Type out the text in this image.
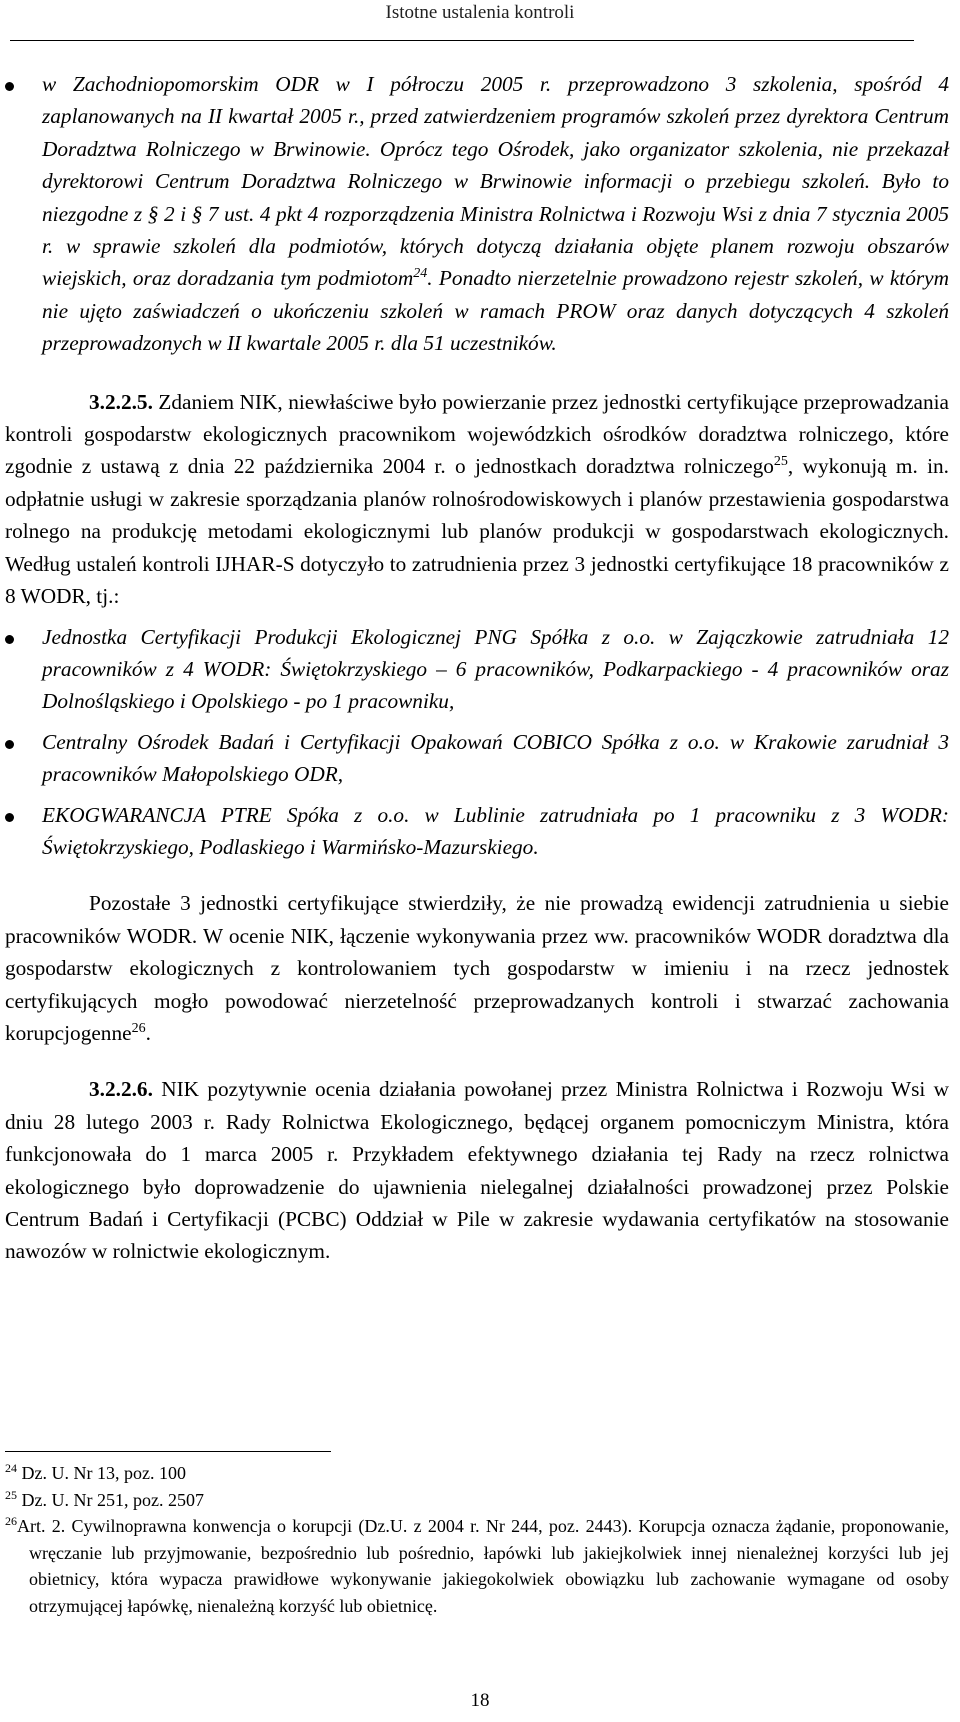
Istotne ustalenia kontroli
w Zachodniopomorskim ODR w I półroczu 2005 r. przeprowadzono 3 szkolenia, spośród 4 zaplanowanych na II kwartał 2005 r., przed zatwierdzeniem programów szkoleń przez dyrektora Centrum Doradztwa Rolniczego w Brwinowie. Oprócz tego Ośrodek, jako organizator szkolenia, nie przekazał dyrektorowi Centrum Doradztwa Rolniczego w Brwinowie informacji o przebiegu szkoleń. Było to niezgodne z § 2 i § 7 ust. 4 pkt 4 rozporządzenia Ministra Rolnictwa i Rozwoju Wsi z dnia 7 stycznia 2005 r. w sprawie szkoleń dla podmiotów, których dotyczą działania objęte planem rozwoju obszarów wiejskich, oraz doradzania tym podmiotom$^{24}$. Ponadto nierzetelnie prowadzono rejestr szkoleń, w którym nie ujęto zaświadczeń o ukończeniu szkoleń w ramach PROW oraz danych dotyczących 4 szkoleń przeprowadzonych w II kwartale 2005 r. dla 51 uczestników.

3.2.2.5. Zdaniem NIK, niewłaściwe było powierzanie przez jednostki certyfikujące przeprowadzania kontroli gospodarstw ekologicznych pracownikom wojewódzkich ośrodków doradztwa rolniczego, które zgodnie z ustawą z dnia 22 października 2004 r. o jednostkach doradztwa rolniczego$^{25}$, wykonują m. in. odpłatnie usługi w zakresie sporządzania planów rolnośrodowiskowych i planów przestawienia gospodarstwa rolnego na produkcję metodami ekologicznymi lub planów produkcji w gospodarstwach ekologicznych. Według ustaleń kontroli IJHAR-S dotyczyło to zatrudnienia przez 3 jednostki certyfikujące 18 pracowników z 8 WODR, tj.:

Jednostka Certyfikacji Produkcji Ekologicznej PNG Spółka z o.o. w Zajączkowie zatrudniała 12 pracowników z 4 WODR: Świętokrzyskiego – 6 pracowników, Podkarpackiego - 4 pracowników oraz Dolnośląskiego i Opolskiego - po 1 pracowniku,
Centralny Ośrodek Badań i Certyfikacji Opakowań COBICO Spółka z o.o. w Krakowie zarudniał 3 pracowników Małopolskiego ODR,
EKOGWARANCJA PTRE Spóka z o.o. w Lublinie zatrudniała po 1 pracowniku z 3 WODR: Świętokrzyskiego, Podlaskiego i Warmińsko-Mazurskiego.

Pozostałe 3 jednostki certyfikujące stwierdziły, że nie prowadzą ewidencji zatrudnienia u siebie pracowników WODR. W ocenie NIK, łączenie wykonywania przez ww. pracowników WODR doradztwa dla gospodarstw ekologicznych z kontrolowaniem tych gospodarstw w imieniu i na rzecz jednostek certyfikujących mogło powodować nierzetelność przeprowadzanych kontroli i stwarzać zachowania korupcjogenne$^{26}$.

3.2.2.6. NIK pozytywnie ocenia działania powołanej przez Ministra Rolnictwa i Rozwoju Wsi w dniu 28 lutego 2003 r. Rady Rolnictwa Ekologicznego, będącej organem pomocniczym Ministra, która funkcjonowała do 1 marca 2005 r. Przykładem efektywnego działania tej Rady na rzecz rolnictwa ekologicznego było doprowadzenie do ujawnienia nielegalnej działalności prowadzonej przez Polskie Centrum Badań i Certyfikacji (PCBC) Oddział w Pile w zakresie wydawania certyfikatów na stosowanie nawozów w rolnictwie ekologicznym.

$^{24}$ Dz. U. Nr 13, poz. 100

$^{25}$ Dz. U. Nr 251, poz. 2507

$^{26}$Art. 2. Cywilnoprawna konwencja o korupcji (Dz.U. z 2004 r. Nr 244, poz. 2443). Korupcja oznacza żądanie, proponowanie, wręczanie lub przyjmowanie, bezpośrednio lub pośrednio, łapówki lub jakiejkolwiek innej nienależnej korzyści lub jej obietnicy, która wypacza prawidłowe wykonywanie jakiegokolwiek obowiązku lub zachowanie wymagane od osoby otrzymującej łapówkę, nienależną korzyść lub obietnicę.

18
